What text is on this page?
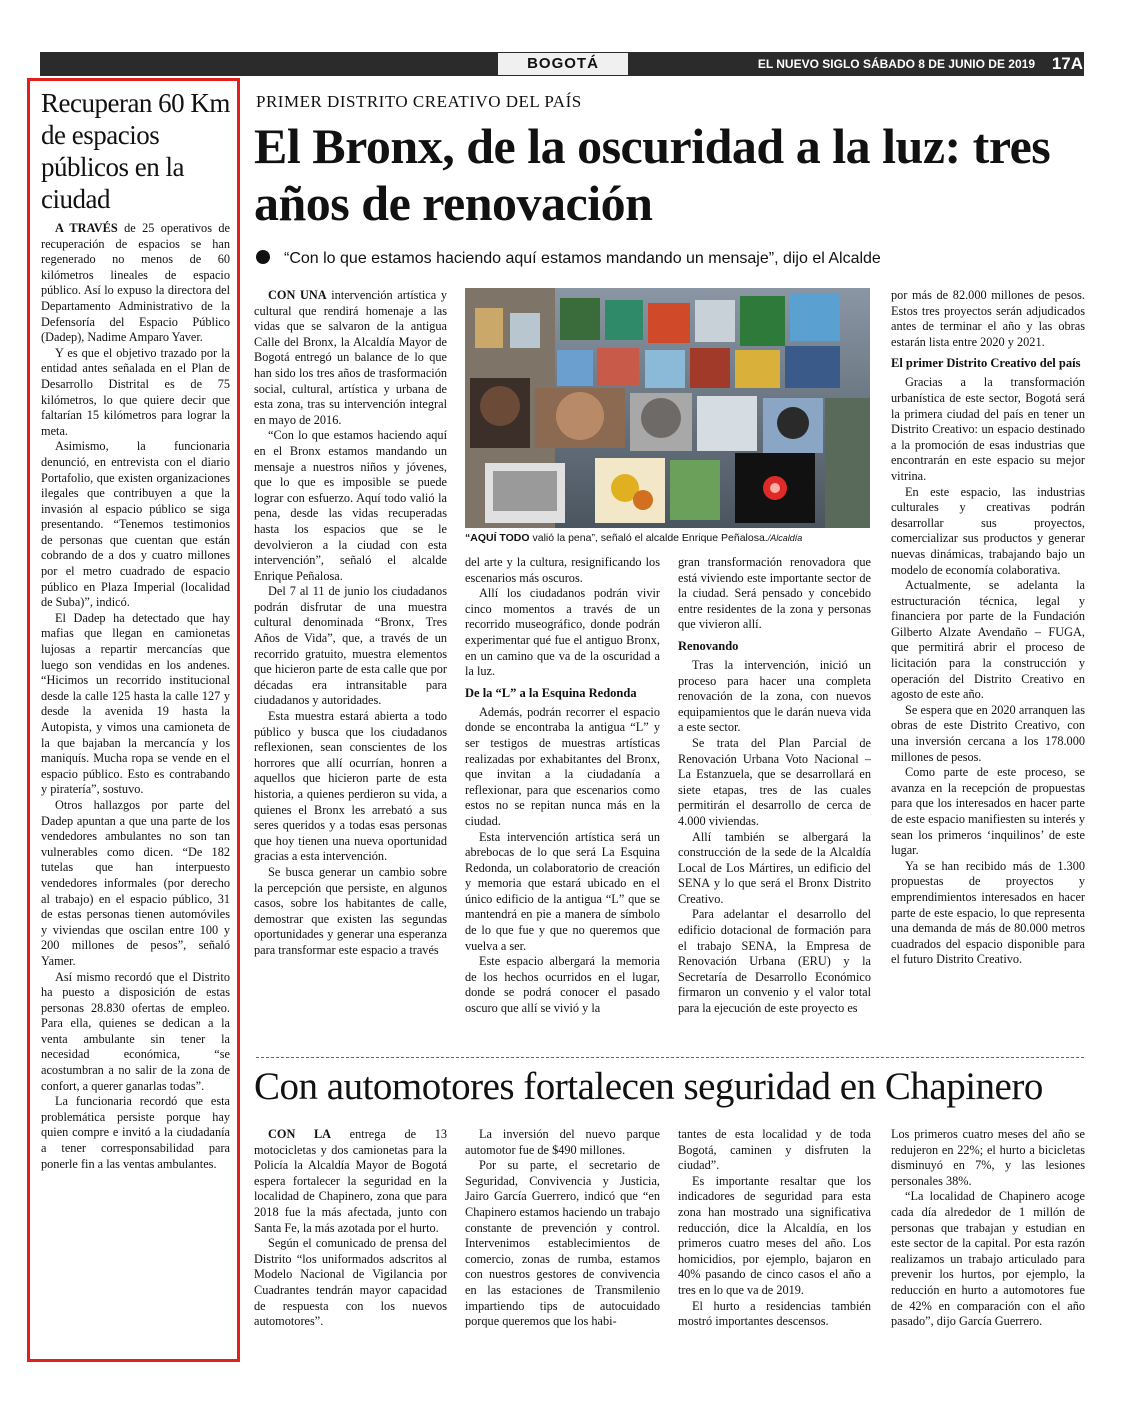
BOGOTÁ	EL NUEVO SIGLO SÁBADO 8 DE JUNIO DE 2019 17A
Recuperan 60 Km de espacios públicos en la ciudad

A TRAVÉS de 25 operativos de recuperación de espacios se han regenerado no menos de 60 kilómetros lineales de espacio público. Así lo expuso la directora del Departamento Administrativo de la Defensoría del Espacio Público (Dadep), Nadime Amparo Yaver.

Y es que el objetivo trazado por la entidad antes señalada en el Plan de Desarrollo Distrital es de 75 kilómetros, lo que quiere decir que faltarían 15 kilómetros para lograr la meta.

Asimismo, la funcionaria denunció, en entrevista con el diario Portafolio, que existen organizaciones ilegales que contribuyen a que la invasión al espacio público se siga presentando. “Tenemos testimonios de personas que cuentan que están cobrando de a dos y cuatro millones por el metro cuadrado de espacio público en Plaza Imperial (localidad de Suba)”, indicó.

El Dadep ha detectado que hay mafias que llegan en camionetas lujosas a repartir mercancías que luego son vendidas en los andenes. “Hicimos un recorrido institucional desde la calle 125 hasta la calle 127 y desde la avenida 19 hasta la Autopista, y vimos una camioneta de la que bajaban la mercancía y los maniquís. Mucha ropa se vende en el espacio público. Esto es contrabando y piratería”, sostuvo.

Otros hallazgos por parte del Dadep apuntan a que una parte de los vendedores ambulantes no son tan vulnerables como dicen. “De 182 tutelas que han interpuesto vendedores informales (por derecho al trabajo) en el espacio público, 31 de estas personas tienen automóviles y viviendas que oscilan entre 100 y 200 millones de pesos”, señaló Yamer.

Así mismo recordó que el Distrito ha puesto a disposición de estas personas 28.830 ofertas de empleo. Para ella, quienes se dedican a la venta ambulante sin tener la necesidad económica, “se acostumbran a no salir de la zona de confort, a querer ganarlas todas”.

La funcionaria recordó que esta problemática persiste porque hay quien compre e invitó a la ciudadanía a tener corresponsabilidad para ponerle fin a las ventas ambulantes.

PRIMER DISTRITO CREATIVO DEL PAÍS
El Bronx, de la oscuridad a la luz: tres años de renovación
“Con lo que estamos haciendo aquí estamos mandando un mensaje”, dijo el Alcalde

CON UNA intervención artística y cultural que rendirá homenaje a las vidas que se salvaron de la antigua Calle del Bronx, la Alcaldía Mayor de Bogotá entregó un balance de lo que han sido los tres años de trasformación social, cultural, artística y urbana de esta zona, tras su intervención integral en mayo de 2016.

“Con lo que estamos haciendo aquí en el Bronx estamos mandando un mensaje a nuestros niños y jóvenes, que lo que es imposible se puede lograr con esfuerzo. Aquí todo valió la pena, desde las vidas recuperadas hasta los espacios que se le devolvieron a la ciudad con esta intervención”, señaló el alcalde Enrique Peñalosa.

Del 7 al 11 de junio los ciudadanos podrán disfrutar de una muestra cultural denominada “Bronx, Tres Años de Vida”, que, a través de un recorrido gratuito, muestra elementos que hicieron parte de esta calle que por décadas era intransitable para ciudadanos y autoridades.

Esta muestra estará abierta a todo público y busca que los ciudadanos reflexionen, sean conscientes de los horrores que allí ocurrían, honren a aquellos que hicieron parte de esta historia, a quienes perdieron su vida, a quienes el Bronx les arrebató a sus seres queridos y a todas esas personas que hoy tienen una nueva oportunidad gracias a esta intervención.

Se busca generar un cambio sobre la percepción que persiste, en algunos casos, sobre los habitantes de calle, demostrar que existen las segundas oportunidades y generar una esperanza para transformar este espacio a través

“AQUÍ TODO valió la pena”, señaló el alcalde Enrique Peñalosa./Alcaldía

del arte y la cultura, resignificando los escenarios más oscuros.

Allí los ciudadanos podrán vivir cinco momentos a través de un recorrido museográfico, donde podrán experimentar qué fue el antiguo Bronx, en un camino que va de la oscuridad a la luz.

De la “L” a la Esquina Redonda

Además, podrán recorrer el espacio donde se encontraba la antigua “L” y ser testigos de muestras artísticas realizadas por exhabitantes del Bronx, que invitan a la ciudadanía a reflexionar, para que escenarios como estos no se repitan nunca más en la ciudad.

Esta intervención artística será un abrebocas de lo que será La Esquina Redonda, un colaboratorio de creación y memoria que estará ubicado en el único edificio de la antigua “L” que se mantendrá en pie a manera de símbolo de lo que fue y que no queremos que vuelva a ser.

Este espacio albergará la memoria de los hechos ocurridos en el lugar, donde se podrá conocer el pasado oscuro que allí se vivió y la

gran transformación renovadora que está viviendo este importante sector de la ciudad. Será pensado y concebido entre residentes de la zona y personas que vivieron allí.

Renovando

Tras la intervención, inició un proceso para hacer una completa renovación de la zona, con nuevos equipamientos que le darán nueva vida a este sector.

Se trata del Plan Parcial de Renovación Urbana Voto Nacional – La Estanzuela, que se desarrollará en siete etapas, tres de las cuales permitirán el desarrollo de cerca de 4.000 viviendas.

Allí también se albergará la construcción de la sede de la Alcaldía Local de Los Mártires, un edificio del SENA y lo que será el Bronx Distrito Creativo.

Para adelantar el desarrollo del edificio dotacional de formación para el trabajo SENA, la Empresa de Renovación Urbana (ERU) y la Secretaría de Desarrollo Económico firmaron un convenio y el valor total para la ejecución de este proyecto es

por más de 82.000 millones de pesos. Estos tres proyectos serán adjudicados antes de terminar el año y las obras estarán lista entre 2020 y 2021.

El primer Distrito Creativo del país

Gracias a la transformación urbanística de este sector, Bogotá será la primera ciudad del país en tener un Distrito Creativo: un espacio destinado a la promoción de esas industrias que encontrarán en este espacio su mejor vitrina.

En este espacio, las industrias culturales y creativas podrán desarrollar sus proyectos, comercializar sus productos y generar nuevas dinámicas, trabajando bajo un modelo de economía colaborativa.

Actualmente, se adelanta la estructuración técnica, legal y financiera por parte de la Fundación Gilberto Alzate Avendaño – FUGA, que permitirá abrir el proceso de licitación para la construcción y operación del Distrito Creativo en agosto de este año.

Se espera que en 2020 arranquen las obras de este Distrito Creativo, con una inversión cercana a los 178.000 millones de pesos.

Como parte de este proceso, se avanza en la recepción de propuestas para que los interesados en hacer parte de este espacio manifiesten su interés y sean los primeros ‘inquilinos’ de este lugar.

Ya se han recibido más de 1.300 propuestas de proyectos y emprendimientos interesados en hacer parte de este espacio, lo que representa una demanda de más de 80.000 metros cuadrados del espacio disponible para el futuro Distrito Creativo.

Con automotores fortalecen seguridad en Chapinero

CON LA entrega de 13 motocicletas y dos camionetas para la Policía la Alcaldía Mayor de Bogotá espera fortalecer la seguridad en la localidad de Chapinero, zona que para 2018 fue la más afectada, junto con Santa Fe, la más azotada por el hurto.

Según el comunicado de prensa del Distrito “los uniformados adscritos al Modelo Nacional de Vigilancia por Cuadrantes tendrán mayor capacidad de respuesta con los nuevos automotores”.

La inversión del nuevo parque automotor fue de $490 millones.

Por su parte, el secretario de Seguridad, Convivencia y Justicia, Jairo García Guerrero, indicó que “en Chapinero estamos haciendo un trabajo constante de prevención y control. Intervenimos establecimientos de comercio, zonas de rumba, estamos con nuestros gestores de convivencia en las estaciones de Transmilenio impartiendo tips de autocuidado porque queremos que los habi-

tantes de esta localidad y de toda Bogotá, caminen y disfruten la ciudad”.

Es importante resaltar que los indicadores de seguridad para esta zona han mostrado una significativa reducción, dice la Alcaldía, en los primeros cuatro meses del año. Los homicidios, por ejemplo, bajaron en 40% pasando de cinco casos el año a tres en lo que va de 2019.

El hurto a residencias también mostró importantes descensos.

Los primeros cuatro meses del año se redujeron en 22%; el hurto a bicicletas disminuyó en 7%, y las lesiones personales 38%.

“La localidad de Chapinero acoge cada día alrededor de 1 millón de personas que trabajan y estudian en este sector de la capital. Por esta razón realizamos un trabajo articulado para prevenir los hurtos, por ejemplo, la reducción en hurto a automotores fue de 42% en comparación con el año pasado”, dijo García Guerrero.
